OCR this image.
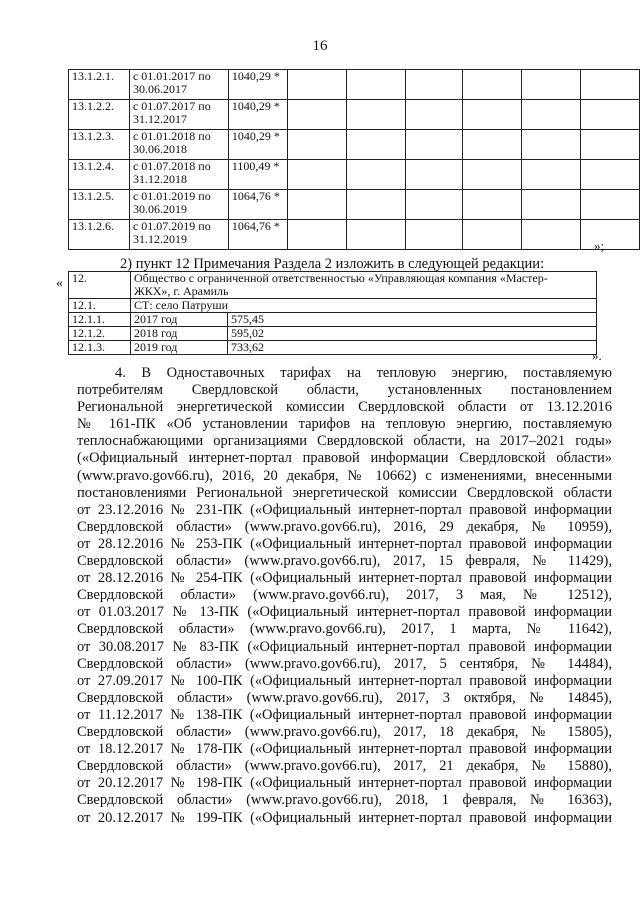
16
13.1.2.1.	с 01.01.2017 по
30.06.2017	1040,29 *						
13.1.2.2.	с 01.07.2017 по
31.12.2017	1040,29 *						
13.1.2.3.	с 01.01.2018 по
30.06.2018	1040,29 *						
13.1.2.4.	с 01.07.2018 по
31.12.2018	1100,49 *						
13.1.2.5.	с 01.01.2019 по
30.06.2019	1064,76 *						
13.1.2.6.	с 01.07.2019 по
31.12.2019	1064,76 *						
»;
2) пункт 12 Примечания Раздела 2 изложить в следующей редакции:
« 12.	Общество с ограниченной ответственностью «Управляющая компания «Мастер-
ЖКХ», г. Арамиль	
12.1.	СТ: село Патруши	
12.1.1.	2017 год	575,45
12.1.2.	2018 год	595,02
12.1.3.	2019 год	733,62
».
4. В Одноставочных тарифах на тепловую энергию, поставляемую
потребителям Свердловской области, установленных постановлением
Региональной энергетической комиссии Свердловской области от 13.12.2016
№ 161-ПК «Об установлении тарифов на тепловую энергию, поставляемую
теплоснабжающими организациями Свердловской области, на 2017–2021 годы»
(«Официальный интернет-портал правовой информации Свердловской области»
(www.pravo.gov66.ru), 2016, 20 декабря, № 10662) с изменениями, внесенными
постановлениями Региональной энергетической комиссии Свердловской области
от 23.12.2016 № 231-ПК («Официальный интернет-портал правовой информации
Свердловской области» (www.pravo.gov66.ru), 2016, 29 декабря, № 10959),
от 28.12.2016 № 253-ПК («Официальный интернет-портал правовой информации
Свердловской области» (www.pravo.gov66.ru), 2017, 15 февраля, № 11429),
от 28.12.2016 № 254-ПК («Официальный интернет-портал правовой информации
Свердловской области» (www.pravo.gov66.ru), 2017, 3 мая, № 12512),
от 01.03.2017 № 13-ПК («Официальный интернет-портал правовой информации
Свердловской области» (www.pravo.gov66.ru), 2017, 1 марта, № 11642),
от 30.08.2017 № 83-ПК («Официальный интернет-портал правовой информации
Свердловской области» (www.pravo.gov66.ru), 2017, 5 сентября, № 14484),
от 27.09.2017 № 100-ПК («Официальный интернет-портал правовой информации
Свердловской области» (www.pravo.gov66.ru), 2017, 3 октября, № 14845),
от 11.12.2017 № 138-ПК («Официальный интернет-портал правовой информации
Свердловской области» (www.pravo.gov66.ru), 2017, 18 декабря, № 15805),
от 18.12.2017 № 178-ПК («Официальный интернет-портал правовой информации
Свердловской области» (www.pravo.gov66.ru), 2017, 21 декабря, № 15880),
от 20.12.2017 № 198-ПК («Официальный интернет-портал правовой информации
Свердловской области» (www.pravo.gov66.ru), 2018, 1 февраля, № 16363),
от 20.12.2017 № 199-ПК («Официальный интернет-портал правовой информации
